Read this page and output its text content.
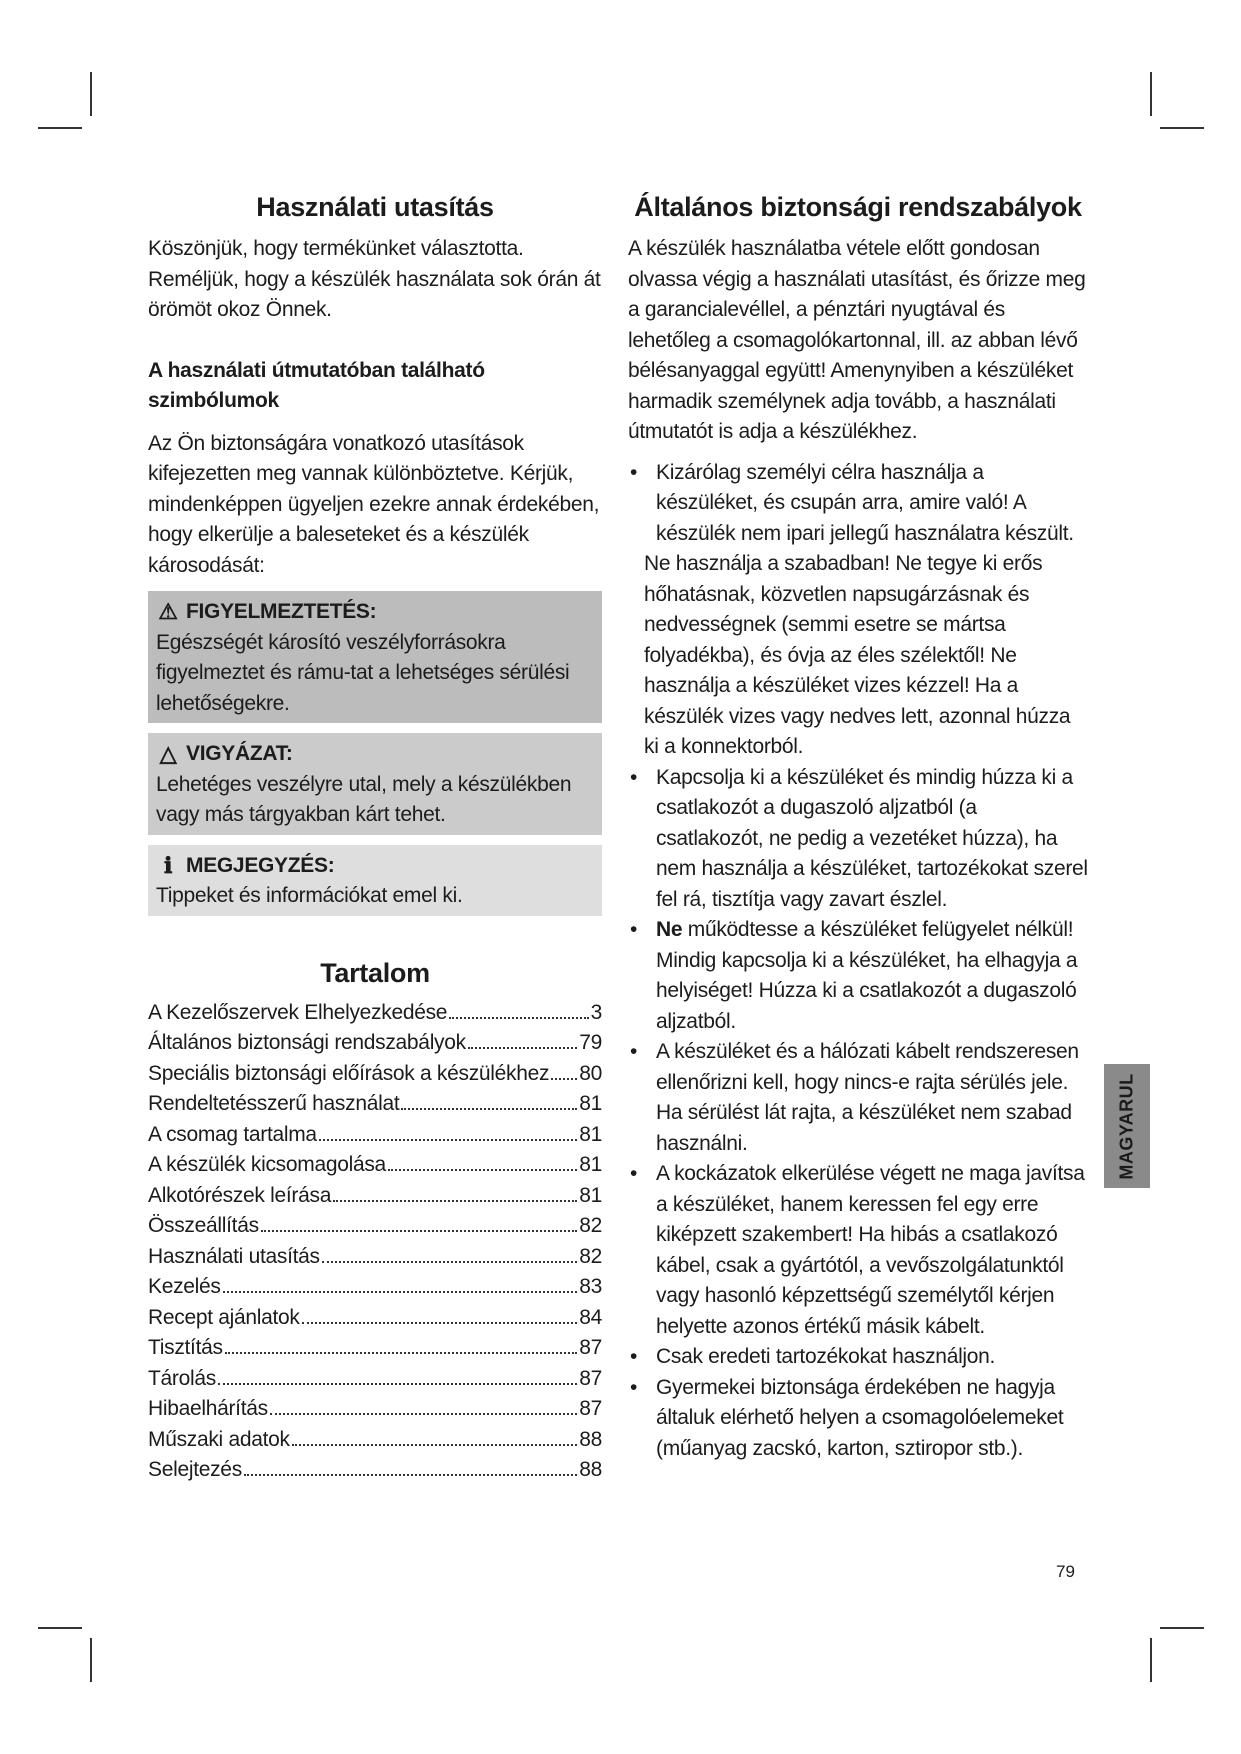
Használati utasítás

Köszönjük, hogy termékünket választotta. Reméljük, hogy a készülék használata sok órán át örömöt okoz Önnek.

A használati útmutatóban található szimbólumok

Az Ön biztonságára vonatkozó utasítások kifejezetten meg vannak különböztetve. Kérjük, mindenképpen ügyeljen ezekre annak érdekében, hogy elkerülje a baleseteket és a készülék károsodását:

⚠ FIGYELMEZTETÉS:
Egészségét károsító veszélyforrásokra figyelmeztet és rámu-tat a lehetséges sérülési lehetőségekre.
△ VIGYÁZAT:
Lehetéges veszélyre utal, mely a készülékben vagy más tárgyakban kárt tehet.
ℹ MEGJEGYZÉS:
Tippeket és információkat emel ki.
Tartalom
A Kezelőszervek Elhelyezkedése	3
Általános biztonsági rendszabályok	79
Speciális biztonsági előírások a készülékhez 80
Rendeltetésszerű használat	81
A csomag tartalma	81
A készülék kicsomagolása	81
Alkotórészek leírása	81
Összeállítás	82
Használati utasítás	82
Kezelés	83
Recept ajánlatok	84
Tisztítás	87
Tárolás	87
Hibaelhárítás	87
Műszaki adatok	88
Selejtezés	88
Általános biztonsági rendszabályok

A készülék használatba vétele előtt gondosan olvassa végig a használati utasítást, és őrizze meg a garancialevéllel, a pénztári nyugtával és lehetőleg a csomagolókartonnal, ill. az abban lévő bélésanyaggal együtt! Amenynyiben a készüléket harmadik személynek adja tovább, a használati útmutatót is adja a készülékhez.

• Kizárólag személyi célra használja a készüléket, és csupán arra, amire való! A készülék nem ipari jellegű használatra készült.
Ne használja a szabadban! Ne tegye ki erős hőhatásnak, közvetlen napsugárzásnak és nedvességnek (semmi esetre se mártsa folyadékba), és óvja az éles szélektől! Ne használja a készüléket vizes kézzel! Ha a készülék vizes vagy nedves lett, azonnal húzza ki a konnektorból.
• Kapcsolja ki a készüléket és mindig húzza ki a csatlakozót a dugaszoló aljzatból (a csatlakozót, ne pedig a vezetéket húzza), ha nem használja a készüléket, tartozékokat szerel fel rá, tisztítja vagy zavart észlel.
• Ne működtesse a készüléket felügyelet nélkül! Mindig kapcsolja ki a készüléket, ha elhagyja a helyiséget! Húzza ki a csatlakozót a dugaszoló aljzatból.
• A készüléket és a hálózati kábelt rendszeresen ellenőrizni kell, hogy nincs-e rajta sérülés jele. Ha sérülést lát rajta, a készüléket nem szabad használni.
• A kockázatok elkerülése végett ne maga javítsa a készüléket, hanem keressen fel egy erre kiképzett szakembert! Ha hibás a csatlakozó kábel, csak a gyártótól, a vevőszolgálatunktól vagy hasonló képzettségű személytől kérjen helyette azonos értékű másik kábelt.
• Csak eredeti tartozékokat használjon.
• Gyermekei biztonsága érdekében ne hagyja általuk elérhető helyen a csomagolóelemeket (műanyag zacskó, karton, sztiropor stb.).
MAGYARUL
79
